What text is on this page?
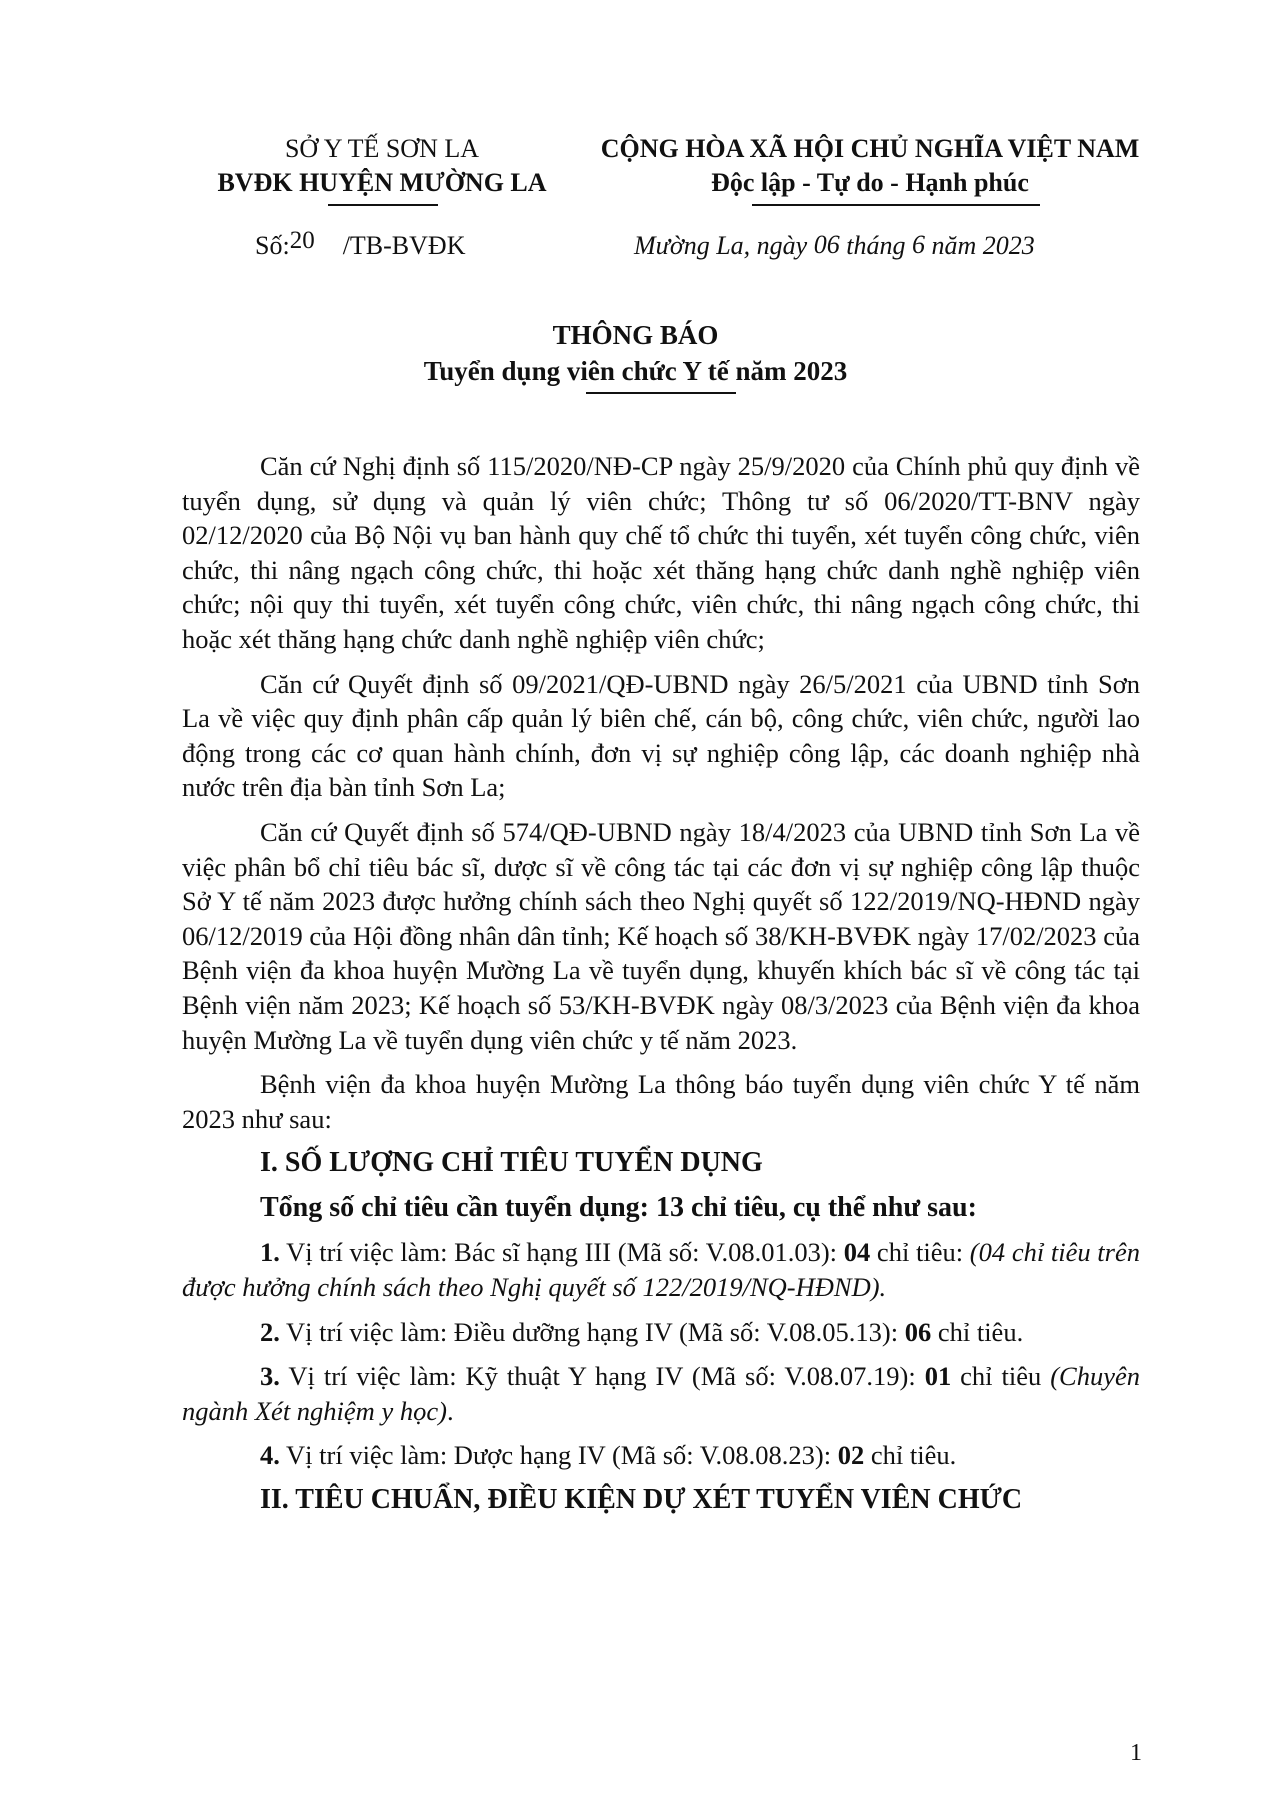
SỞ Y TẾ SƠN LA
BVĐK HUYỆN MƯỜNG LA
CỘNG HÒA XÃ HỘI CHỦ NGHĨA VIỆT NAM
Độc lập - Tự do - Hạnh phúc
Số:20 /TB-BVĐK	Mường La, ngày 06 tháng 6 năm 2023
THÔNG BÁO
Tuyển dụng viên chức Y tế năm 2023

Căn cứ Nghị định số 115/2020/NĐ-CP ngày 25/9/2020 của Chính phủ quy định về tuyển dụng, sử dụng và quản lý viên chức; Thông tư số 06/2020/TT-BNV ngày 02/12/2020 của Bộ Nội vụ ban hành quy chế tổ chức thi tuyển, xét tuyển công chức, viên chức, thi nâng ngạch công chức, thi hoặc xét thăng hạng chức danh nghề nghiệp viên chức; nội quy thi tuyển, xét tuyển công chức, viên chức, thi nâng ngạch công chức, thi hoặc xét thăng hạng chức danh nghề nghiệp viên chức;

Căn cứ Quyết định số 09/2021/QĐ-UBND ngày 26/5/2021 của UBND tỉnh Sơn La về việc quy định phân cấp quản lý biên chế, cán bộ, công chức, viên chức, người lao động trong các cơ quan hành chính, đơn vị sự nghiệp công lập, các doanh nghiệp nhà nước trên địa bàn tỉnh Sơn La;

Căn cứ Quyết định số 574/QĐ-UBND ngày 18/4/2023 của UBND tỉnh Sơn La về việc phân bổ chỉ tiêu bác sĩ, dược sĩ về công tác tại các đơn vị sự nghiệp công lập thuộc Sở Y tế năm 2023 được hưởng chính sách theo Nghị quyết số 122/2019/NQ-HĐND ngày 06/12/2019 của Hội đồng nhân dân tỉnh; Kế hoạch số 38/KH-BVĐK ngày 17/02/2023 của Bệnh viện đa khoa huyện Mường La về tuyển dụng, khuyến khích bác sĩ về công tác tại Bệnh viện năm 2023; Kế hoạch số 53/KH-BVĐK ngày 08/3/2023 của Bệnh viện đa khoa huyện Mường La về tuyển dụng viên chức y tế năm 2023.

Bệnh viện đa khoa huyện Mường La thông báo tuyển dụng viên chức Y tế năm 2023 như sau:

I. SỐ LƯỢNG CHỈ TIÊU TUYỂN DỤNG

Tổng số chỉ tiêu cần tuyển dụng: 13 chỉ tiêu, cụ thể như sau:

1. Vị trí việc làm: Bác sĩ hạng III (Mã số: V.08.01.03): 04 chỉ tiêu: (04 chỉ tiêu trên được hưởng chính sách theo Nghị quyết số 122/2019/NQ-HĐND).

2. Vị trí việc làm: Điều dưỡng hạng IV (Mã số: V.08.05.13): 06 chỉ tiêu.

3. Vị trí việc làm: Kỹ thuật Y hạng IV (Mã số: V.08.07.19): 01 chỉ tiêu (Chuyên ngành Xét nghiệm y học).

4. Vị trí việc làm: Dược hạng IV (Mã số: V.08.08.23): 02 chỉ tiêu.

II. TIÊU CHUẨN, ĐIỀU KIỆN DỰ XÉT TUYỂN VIÊN CHỨC

1
